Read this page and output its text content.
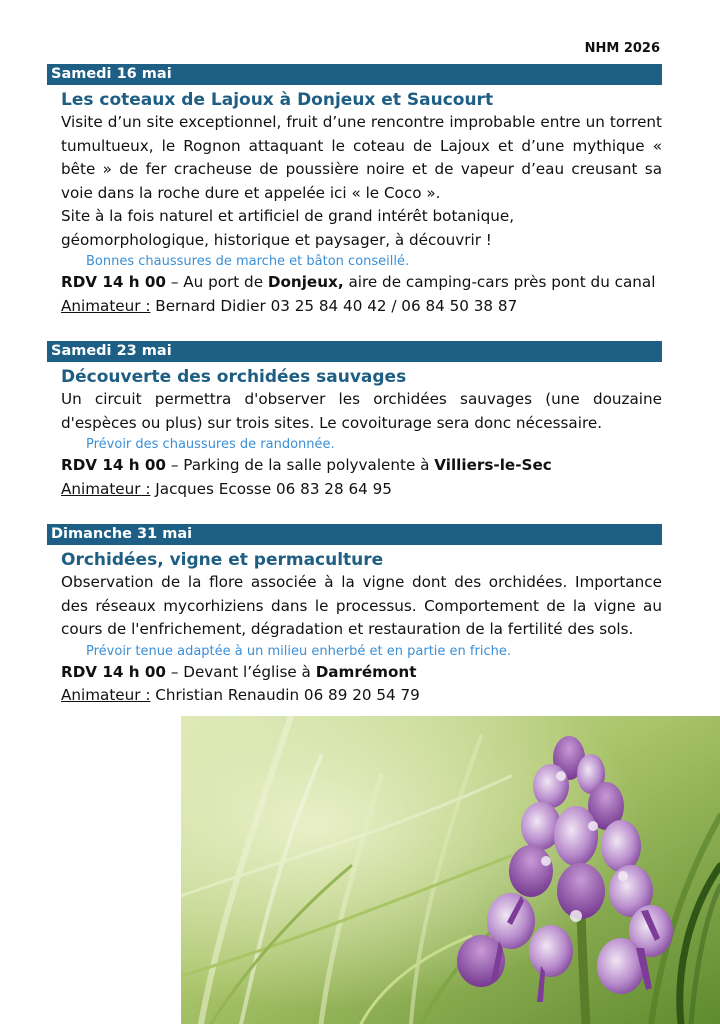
NHM 2026
Samedi 16 mai
Les coteaux de Lajoux à Donjeux et Saucourt

Visite d’un site exceptionnel, fruit d’une rencontre improbable entre un torrent tumultueux, le Rognon attaquant le coteau de Lajoux et d’une mythique « bête » de fer cracheuse de poussière noire et de vapeur d’eau creusant sa voie dans la roche dure et appelée ici « le Coco ».

Site à la fois naturel et artificiel de grand intérêt botanique, géomorphologique, historique et paysager, à découvrir !

Bonnes chaussures de marche et bâton conseillé.
RDV 14 h 00 – Au port de Donjeux, aire de camping-cars près pont du canal
Animateur : Bernard Didier 03 25 84 40 42 / 06 84 50 38 87
Samedi 23 mai
Découverte des orchidées sauvages

Un circuit permettra d'observer les orchidées sauvages (une douzaine d'espèces ou plus) sur trois sites. Le covoiturage sera donc nécessaire.

Prévoir des chaussures de randonnée.
RDV 14 h 00 – Parking de la salle polyvalente à Villiers-le-Sec
Animateur : Jacques Ecosse 06 83 28 64 95
Dimanche 31 mai
Orchidées, vigne et permaculture

Observation de la flore associée à la vigne dont des orchidées. Importance des réseaux mycorhiziens dans le processus. Comportement de la vigne au cours de l'enfrichement, dégradation et restauration de la fertilité des sols.

Prévoir tenue adaptée à un milieu enherbé et en partie en friche.
RDV 14 h 00 – Devant l’église à Damrémont
Animateur : Christian Renaudin 06 89 20 54 79
